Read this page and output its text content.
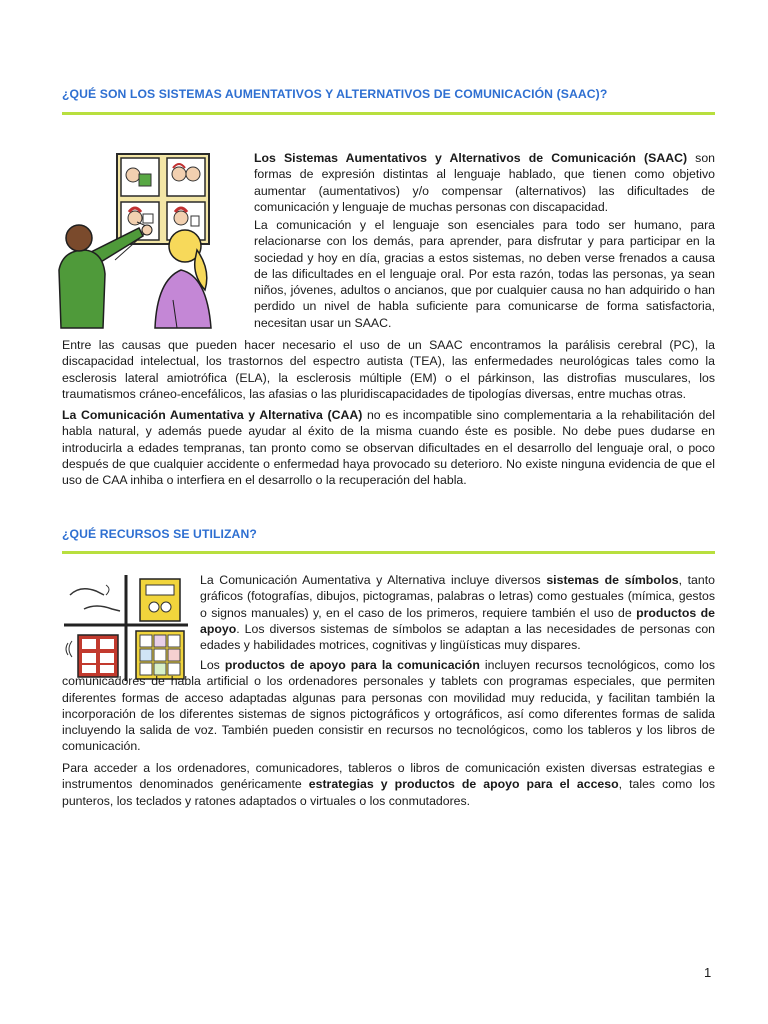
¿QUÉ SON LOS SISTEMAS AUMENTATIVOS Y ALTERNATIVOS DE COMUNICACIÓN (SAAC)?

Los Sistemas Aumentativos y Alternativos de Comunicación (SAAC) son formas de expresión distintas al lenguaje hablado, que tienen como objetivo aumentar (aumentativos) y/o compensar (alternativos) las dificultades de comunicación y lenguaje de muchas personas con discapacidad.

La comunicación y el lenguaje son esenciales para todo ser humano, para relacionarse con los demás, para aprender, para disfrutar y para participar en la sociedad y hoy en día, gracias a estos sistemas, no deben verse frenados a causa de las dificultades en el lenguaje oral. Por esta razón, todas las personas, ya sean niños, jóvenes, adultos o ancianos, que por cualquier causa no han adquirido o han perdido un nivel de habla suficiente para comunicarse de forma satisfactoria, necesitan usar un SAAC.

Entre las causas que pueden hacer necesario el uso de un SAAC encontramos la parálisis cerebral (PC), la discapacidad intelectual, los trastornos del espectro autista (TEA), las enfermedades neurológicas tales como la esclerosis lateral amiotrófica (ELA), la esclerosis múltiple (EM) o el párkinson, las distrofias musculares, los traumatismos cráneo-encefálicos, las afasias o las pluridiscapacidades de tipologías diversas, entre muchas otras.

La Comunicación Aumentativa y Alternativa (CAA) no es incompatible sino complementaria a la rehabilitación del habla natural, y además puede ayudar al éxito de la misma cuando éste es posible. No debe pues dudarse en introducirla a edades tempranas, tan pronto como se observan dificultades en el desarrollo del lenguaje oral, o poco después de que cualquier accidente o enfermedad haya provocado su deterioro. No existe ninguna evidencia de que el uso de CAA inhiba o interfiera en el desarrollo o la recuperación del habla.

¿QUÉ RECURSOS SE UTILIZAN?

La Comunicación Aumentativa y Alternativa incluye diversos sistemas de símbolos, tanto gráficos (fotografías, dibujos, pictogramas, palabras o letras) como gestuales (mímica, gestos o signos manuales) y, en el caso de los primeros, requiere también el uso de productos de apoyo. Los diversos sistemas de símbolos se adaptan a las necesidades de personas con edades y habilidades motrices, cognitivas y lingüísticas muy dispares.

Los productos de apoyo para la comunicación incluyen recursos tecnológicos, como los comunicadores de habla artificial o los ordenadores personales y tablets con programas especiales, que permiten diferentes formas de acceso adaptadas algunas para personas con movilidad muy reducida, y facilitan también la incorporación de los diferentes sistemas de signos pictográficos y ortográficos, así como diferentes formas de salida incluyendo la salida de voz. También pueden consistir en recursos no tecnológicos, como los tableros y los libros de comunicación.

Para acceder a los ordenadores, comunicadores, tableros o libros de comunicación existen diversas estrategias e instrumentos denominados genéricamente estrategias y productos de apoyo para el acceso, tales como los punteros, los teclados y ratones adaptados o virtuales o los conmutadores.

1
